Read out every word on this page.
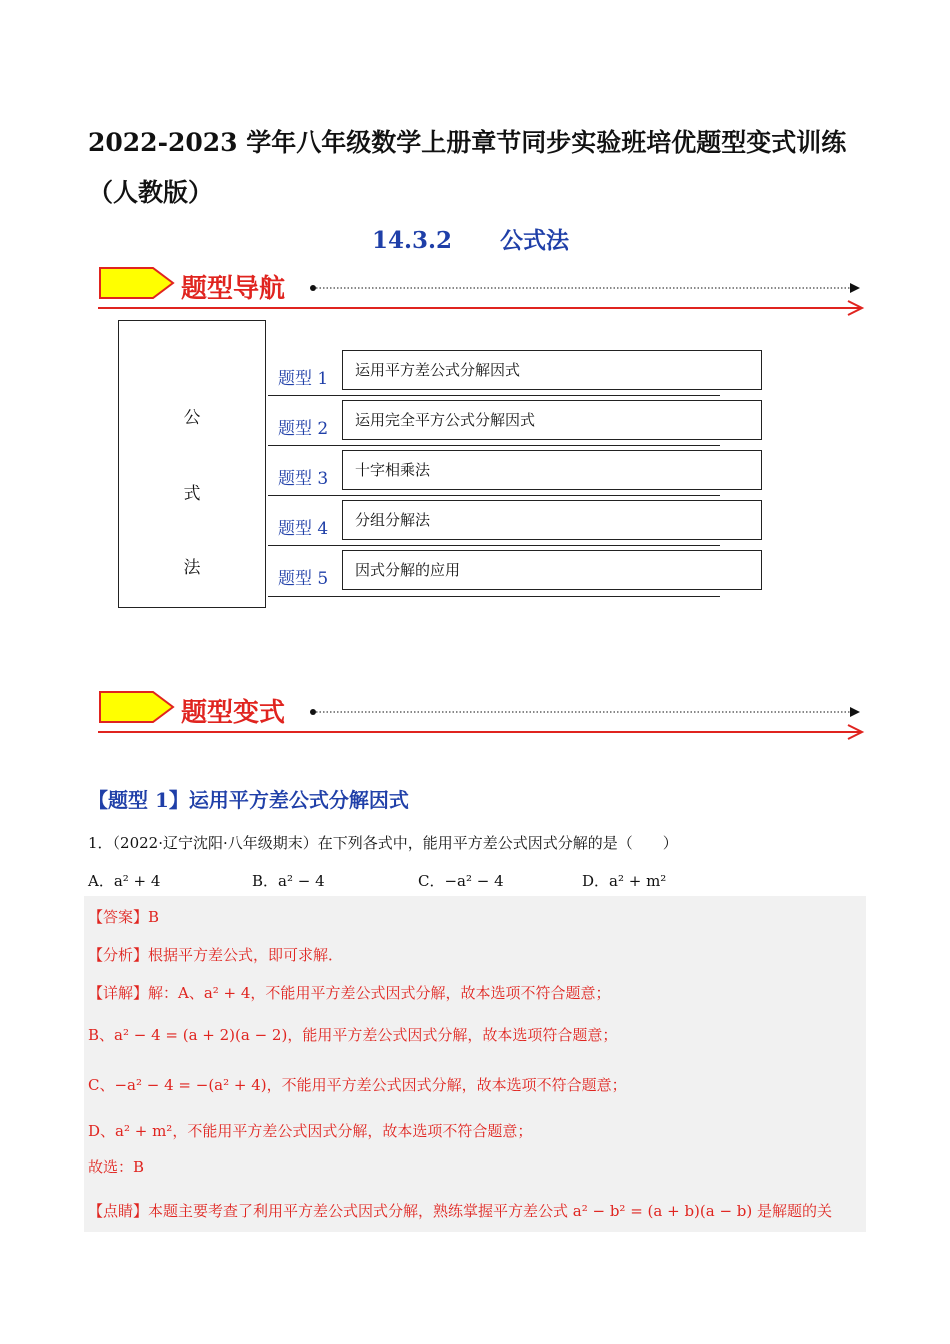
2022-2023 学年八年级数学上册章节同步实验班培优题型变式训练（人教版）
14.3.2 公式法
题型导航
公
式
法
题型 1	运用平方差公式分解因式
题型 2	运用完全平方公式分解因式
题型 3	十字相乘法
题型 4	分组分解法
题型 5	因式分解的应用
题型变式
【题型 1】运用平方差公式分解因式
1．（2022·辽宁沈阳·八年级期末）在下列各式中，能用平方差公式因式分解的是（　　）
A．a² + 4	B．a² − 4	C．−a² − 4	D．a² + m²
【答案】B
【分析】根据平方差公式，即可求解．
【详解】解：A、a² + 4，不能用平方差公式因式分解，故本选项不符合题意；
B、a² − 4 = (a + 2)(a − 2)，能用平方差公式因式分解，故本选项符合题意；
C、−a² − 4 = −(a² + 4)，不能用平方差公式因式分解，故本选项不符合题意；
D、a² + m²，不能用平方差公式因式分解，故本选项不符合题意；
故选：B
【点睛】本题主要考查了利用平方差公式因式分解，熟练掌握平方差公式 a² − b² = (a + b)(a − b) 是解题的关
